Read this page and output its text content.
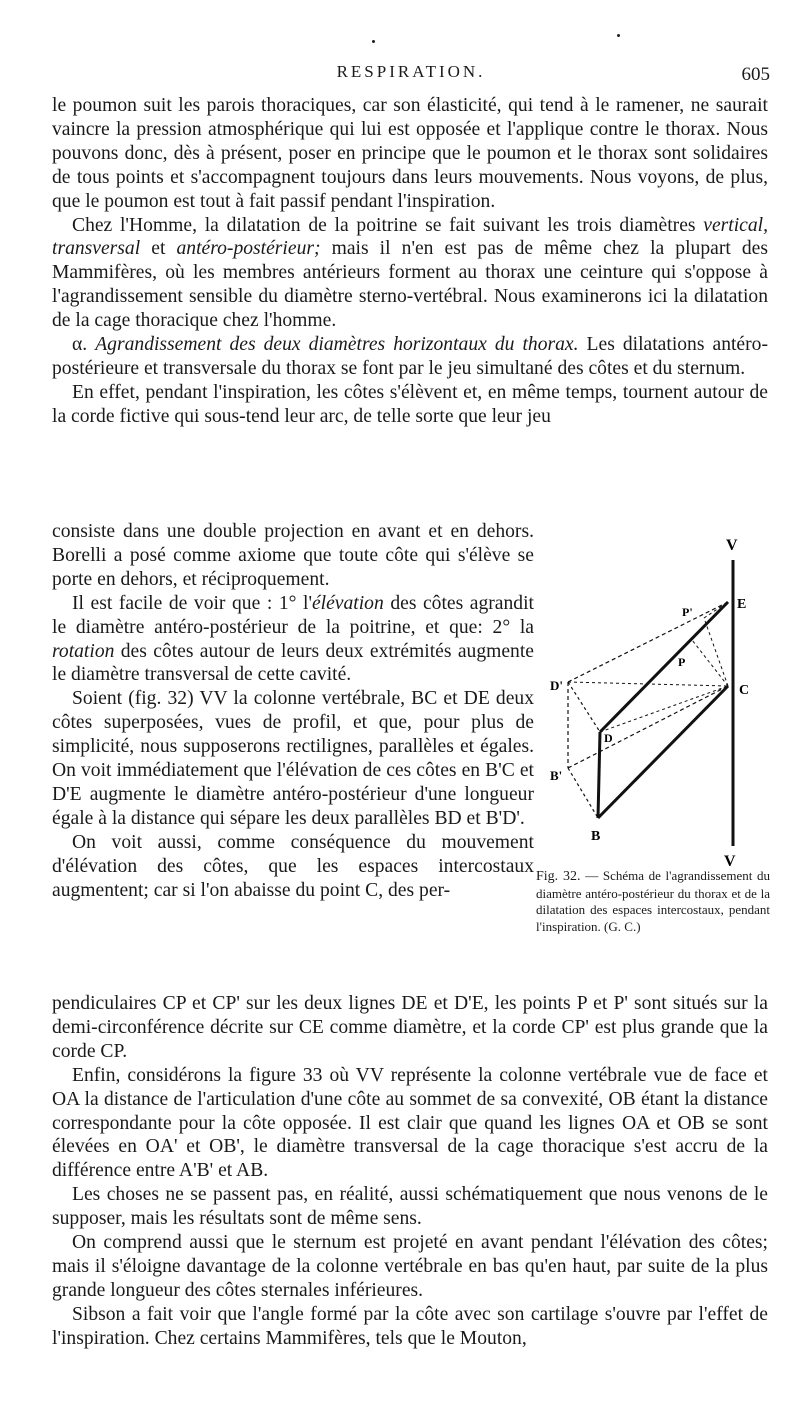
RESPIRATION.	605

le poumon suit les parois thoraciques, car son élasticité, qui tend à le ramener, ne saurait vaincre la pression atmosphérique qui lui est opposée et l'applique contre le thorax. Nous pouvons donc, dès à présent, poser en principe que le poumon et le thorax sont solidaires de tous points et s'accompagnent toujours dans leurs mouvements. Nous voyons, de plus, que le poumon est tout à fait passif pendant l'inspiration.

Chez l'Homme, la dilatation de la poitrine se fait suivant les trois diamètres vertical, transversal et antéro-postérieur; mais il n'en est pas de même chez la plupart des Mammifères, où les membres antérieurs forment au thorax une ceinture qui s'oppose à l'agrandissement sensible du diamètre sterno-vertébral. Nous examinerons ici la dilatation de la cage thoracique chez l'homme.

α. Agrandissement des deux diamètres horizontaux du thorax. Les dilatations antéro-postérieure et transversale du thorax se font par le jeu simultané des côtes et du sternum.

En effet, pendant l'inspiration, les côtes s'élèvent et, en même temps, tournent autour de la corde fictive qui sous-tend leur arc, de telle sorte que leur jeu

consiste dans une double projection en avant et en dehors. Borelli a posé comme axiome que toute côte qui s'élève se porte en dehors, et réciproquement.

Il est facile de voir que : 1° l'élévation des côtes agrandit le diamètre antéro-postérieur de la poitrine, et que: 2° la rotation des côtes autour de leurs deux extrémités augmente le diamètre transversal de cette cavité.

Soient (fig. 32) VV la colonne vertébrale, BC et DE deux côtes superposées, vues de profil, et que, pour plus de simplicité, nous supposerons rectilignes, parallèles et égales. On voit immédiatement que l'élévation de ces côtes en B'C et D'E augmente le diamètre antéro-postérieur d'une longueur égale à la distance qui sépare les deux parallèles BD et B'D'.

On voit aussi, comme conséquence du mouvement d'élévation des côtes, que les espaces intercostaux augmentent; car si l'on abaisse du point C, des per-

V
V
E
C
D
D'
B
B'
P
P'
Fig. 32. — Schéma de l'agrandissement du diamètre antéro-postérieur du thorax et de la dilatation des espaces intercostaux, pendant l'inspiration. (G. C.)

pendiculaires CP et CP' sur les deux lignes DE et D'E, les points P et P' sont situés sur la demi-circonférence décrite sur CE comme diamètre, et la corde CP' est plus grande que la corde CP.

Enfin, considérons la figure 33 où VV représente la colonne vertébrale vue de face et OA la distance de l'articulation d'une côte au sommet de sa convexité, OB étant la distance correspondante pour la côte opposée. Il est clair que quand les lignes OA et OB se sont élevées en OA' et OB', le diamètre transversal de la cage thoracique s'est accru de la différence entre A'B' et AB.

Les choses ne se passent pas, en réalité, aussi schématiquement que nous venons de le supposer, mais les résultats sont de même sens.

On comprend aussi que le sternum est projeté en avant pendant l'élévation des côtes; mais il s'éloigne davantage de la colonne vertébrale en bas qu'en haut, par suite de la plus grande longueur des côtes sternales inférieures.

Sibson a fait voir que l'angle formé par la côte avec son cartilage s'ouvre par l'effet de l'inspiration. Chez certains Mammifères, tels que le Mouton,
